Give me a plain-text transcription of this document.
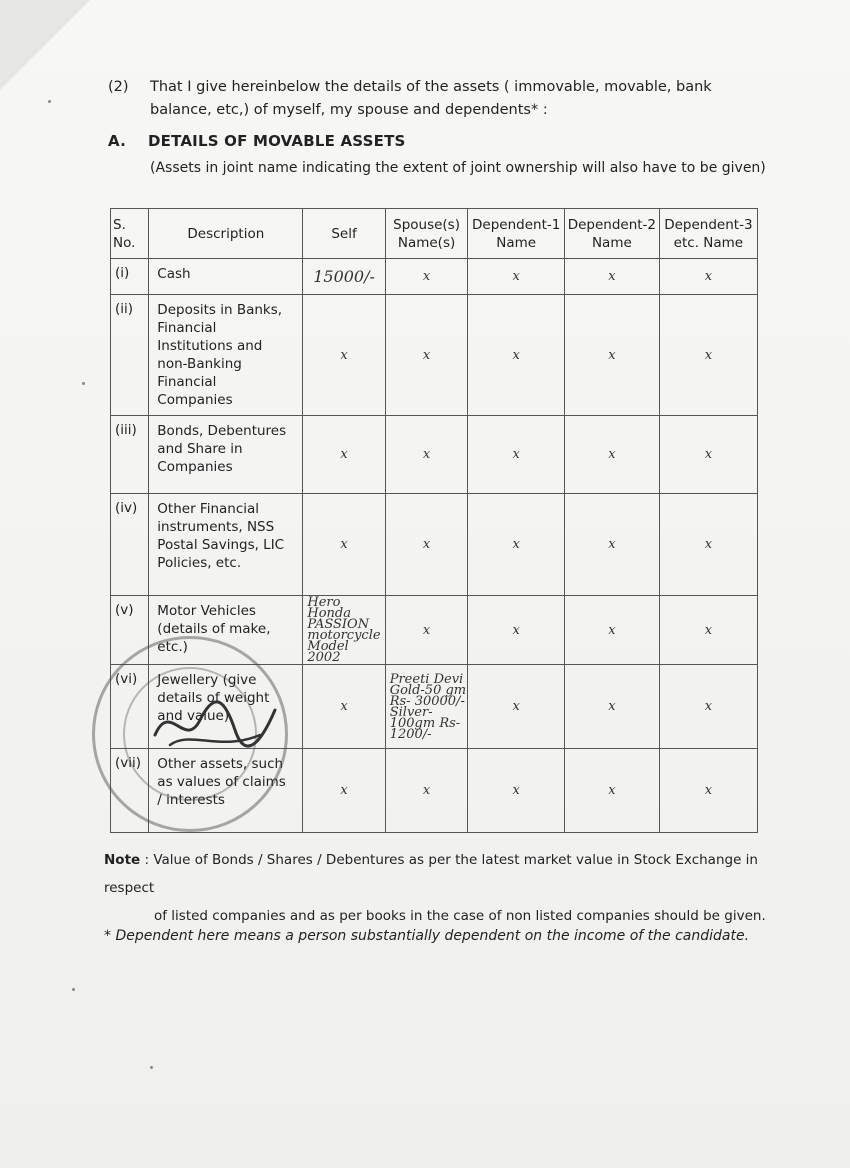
(2) That I give hereinbelow the details of the assets ( immovable, movable, bank balance, etc,) of myself, my spouse and dependents* :
A. DETAILS OF MOVABLE ASSETS
(Assets in joint name indicating the extent of joint ownership will also have to be given)
S. No.	Description	Self	Spouse(s) Name(s)	Dependent-1 Name	Dependent-2 Name	Dependent-3 etc. Name
(i)	Cash	15000/-	x	x	x	x
(ii)	Deposits in Banks, Financial Institutions and non-Banking Financial Companies	x	x	x	x	x
(iii)	Bonds, Debentures and Share in Companies	x	x	x	x	x
(iv)	Other Financial instruments, NSS Postal Savings, LIC Policies, etc.	x	x	x	x	x
(v)	Motor Vehicles (details of make, etc.)	Hero Honda PASSION motorcycle Model 2002	x	x	x	x
(vi)	Jewellery (give details of weight and value)	x	Preeti Devi Gold-50 gm Rs- 30000/- Silver-100gm Rs-1200/-	x	x	x
(vii)	Other assets, such as values of claims / interests	x	x	x	x	x
Note : Value of Bonds / Shares / Debentures as per the latest market value in Stock Exchange in respect
of listed companies and as per books in the case of non listed companies should be given.
* Dependent here means a person substantially dependent on the income of the candidate.
